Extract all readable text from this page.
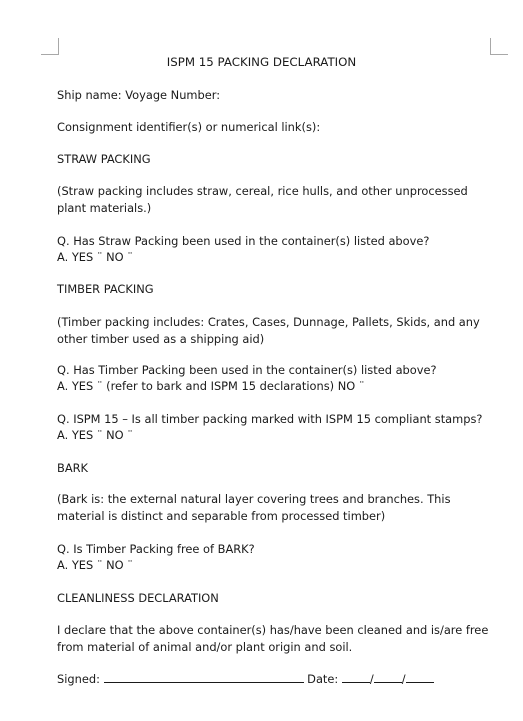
ISPM 15 PACKING DECLARATION
Ship name: Voyage Number:
Consignment identifier(s) or numerical link(s):
STRAW PACKING
(Straw packing includes straw, cereal, rice hulls, and other unprocessed plant materials.)
Q. Has Straw Packing been used in the container(s) listed above?
A. YES ¨ NO ¨
TIMBER PACKING
(Timber packing includes: Crates, Cases, Dunnage, Pallets, Skids, and any other timber used as a shipping aid)
Q. Has Timber Packing been used in the container(s) listed above?
A. YES ¨ (refer to bark and ISPM 15 declarations) NO ¨
Q. ISPM 15 – Is all timber packing marked with ISPM 15 compliant stamps?
A. YES ¨ NO ¨
BARK
(Bark is: the external natural layer covering trees and branches. This material is distinct and separable from processed timber)
Q. Is Timber Packing free of BARK?
A. YES ¨ NO ¨
CLEANLINESS DECLARATION
I declare that the above container(s) has/have been cleaned and is/are free from material of animal and/or plant origin and soil.
Signed:	Date:	/ /
